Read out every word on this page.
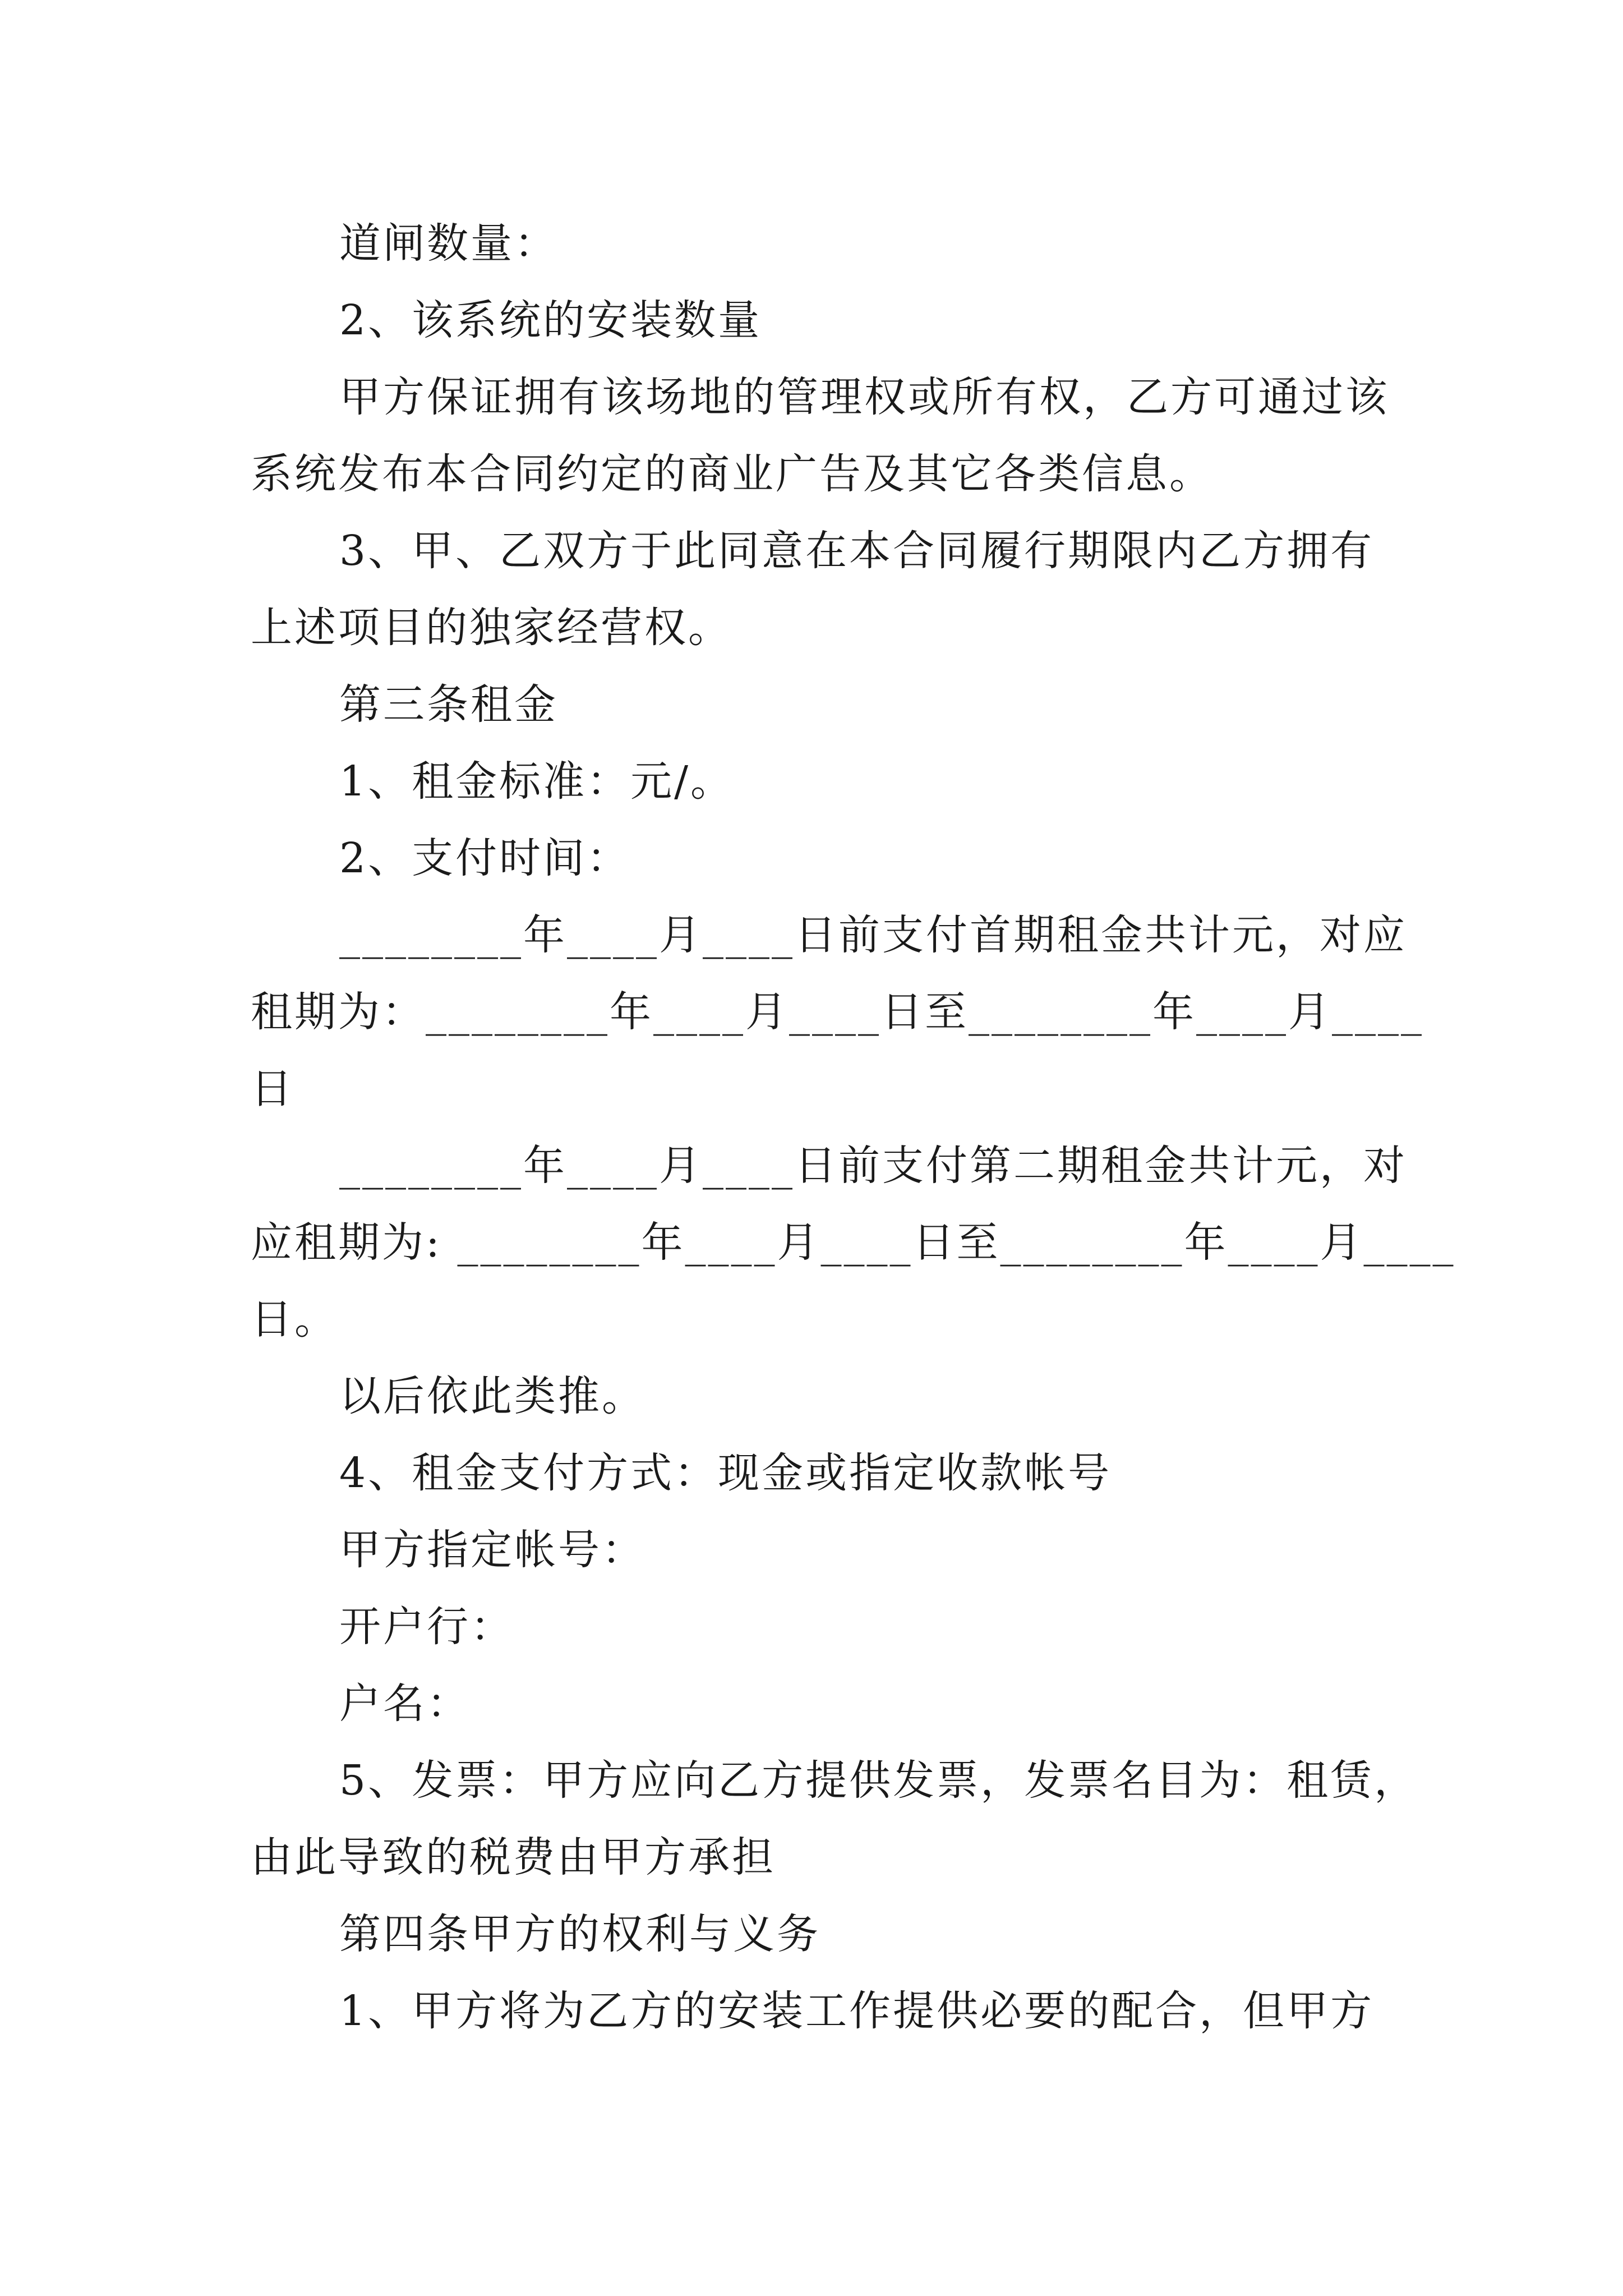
道闸数量：
2、该系统的安装数量
甲方保证拥有该场地的管理权或所有权，乙方可通过该
系统发布本合同约定的商业广告及其它各类信息。
3、甲、乙双方于此同意在本合同履行期限内乙方拥有
上述项目的独家经营权。
第三条租金
1、租金标准：元/。
2、支付时间：
________年____月____日前支付首期租金共计元，对应
租期为：________年____月____日至________年____月____
日
________年____月____日前支付第二期租金共计元，对
应租期为: ________年____月____日至________年____月____
日。
以后依此类推。
4、租金支付方式：现金或指定收款帐号
甲方指定帐号：
开户行：
户名：
5、发票：甲方应向乙方提供发票，发票名目为：租赁，
由此导致的税费由甲方承担
第四条甲方的权利与义务
1、甲方将为乙方的安装工作提供必要的配合，但甲方
